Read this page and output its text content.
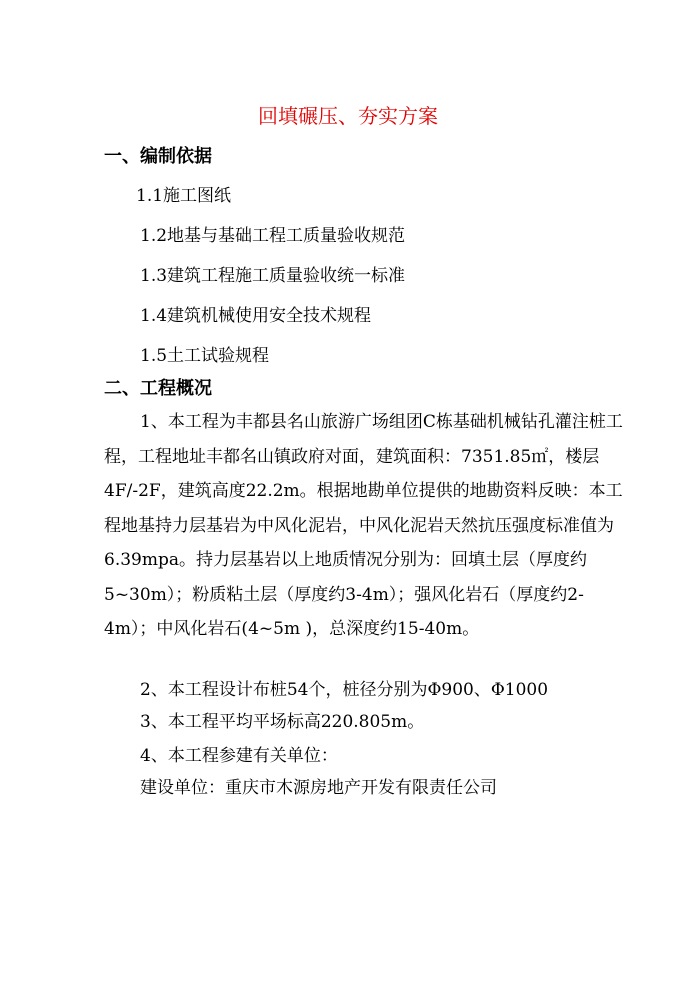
回填碾压、夯实方案
一、编制依据
1.1施工图纸
1.2地基与基础工程工质量验收规范
1.3建筑工程施工质量验收统一标准
1.4建筑机械使用安全技术规程
1.5土工试验规程
二、工程概况
1、本工程为丰都县名山旅游广场组团C栋基础机械钻孔灌注桩工程，工程地址丰都名山镇政府对面，建筑面积：7351.85㎡，楼层4F/-2F，建筑高度22.2m。根据地勘单位提供的地勘资料反映：本工程地基持力层基岩为中风化泥岩，中风化泥岩天然抗压强度标准值为6.39mpa。持力层基岩以上地质情况分别为：回填土层（厚度约5~30m）；粉质粘土层（厚度约3-4m）；强风化岩石（厚度约2-4m）；中风化岩石(4~5m )，总深度约15-40m。
2、本工程设计布桩54个，桩径分别为Φ900、Φ1000
3、本工程平均平场标高220.805m。
4、本工程参建有关单位：
建设单位：重庆市木源房地产开发有限责任公司
